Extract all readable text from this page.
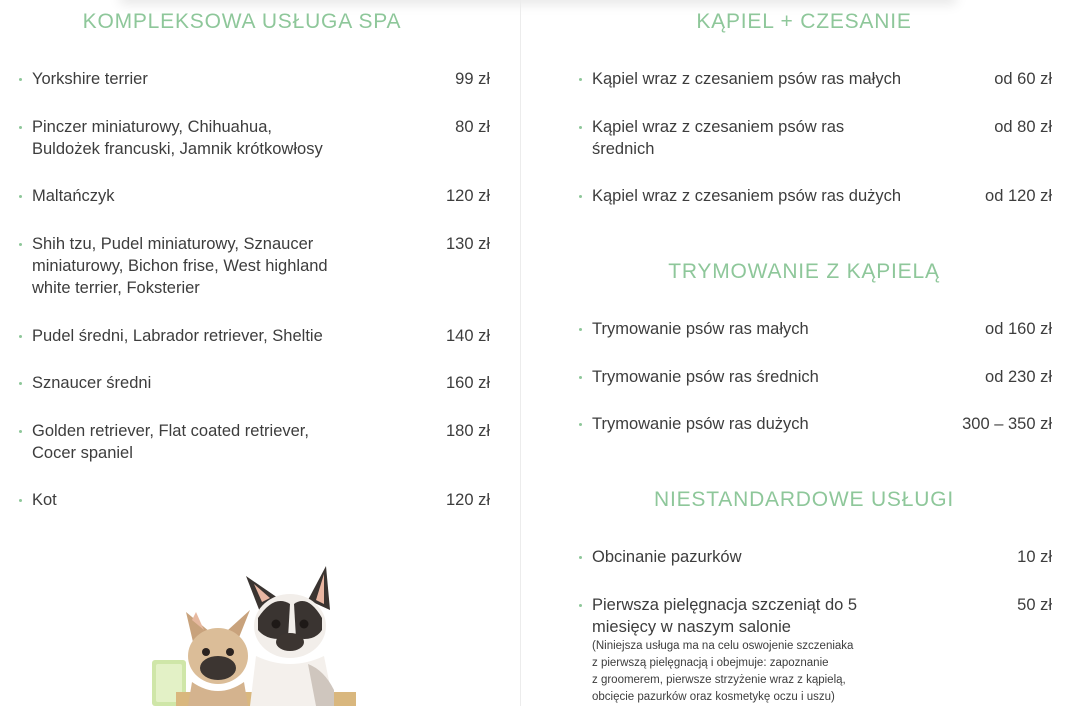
KOMPLEKSOWA USŁUGA SPA
Yorkshire terrier	99 zł
Pinczer miniaturowy, Chihuahua,
Buldożek francuski, Jamnik krótkowłosy
80 zł
Maltańczyk	120 zł
Shih tzu, Pudel miniaturowy, Sznaucer
miniaturowy, Bichon frise, West highland
white terrier, Foksterier
130 zł
Pudel średni, Labrador retriever, Sheltie	140 zł
Sznaucer średni	160 zł
Golden retriever, Flat coated retriever,
Cocer spaniel
180 zł
Kot	120 zł
KĄPIEL + CZESANIE
Kąpiel wraz z czesaniem psów ras małych	od 60 zł
Kąpiel wraz z czesaniem psów ras
średnich
od 80 zł
Kąpiel wraz z czesaniem psów ras dużych	od 120 zł
TRYMOWANIE Z KĄPIELĄ
Trymowanie psów ras małych	od 160 zł
Trymowanie psów ras średnich	od 230 zł
Trymowanie psów ras dużych	300 – 350 zł
NIESTANDARDOWE USŁUGI
Obcinanie pazurków	10 zł
Pierwsza pielęgnacja szczeniąt do 5
miesięcy w naszym salonie
50 zł
(Niniejsza usługa ma na celu oswojenie szczeniaka
z pierwszą pielęgnacją i obejmuje: zapoznanie
z groomerem, pierwsze strzyżenie wraz z kąpielą,
obcięcie pazurków oraz kosmetykę oczu i uszu)
